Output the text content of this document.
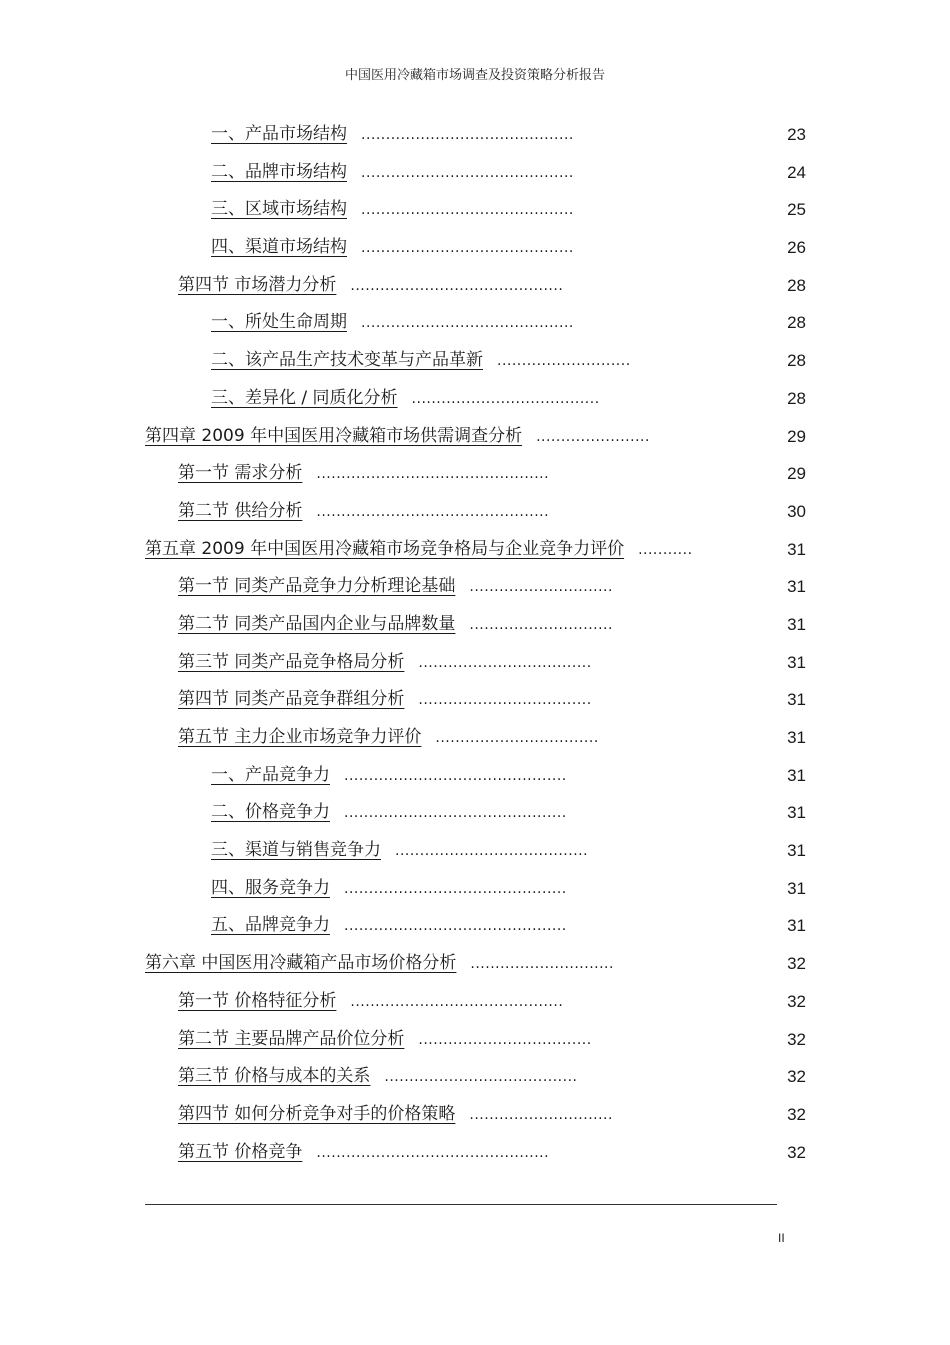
中国医用冷藏箱市场调查及投资策略分析报告
一、产品市场结构 ...........................................	23
二、品牌市场结构 ...........................................	24
三、区域市场结构 ...........................................	25
四、渠道市场结构 ...........................................	26
第四节 市场潜力分析 ...........................................	28
一、所处生命周期 ...........................................	28
二、该产品生产技术变革与产品革新 ...........................	28
三、差异化 / 同质化分析 ......................................	28
第四章 2009 年中国医用冷藏箱市场供需调查分析 .......................	29
第一节 需求分析 ...............................................	29
第二节 供给分析 ...............................................	30
第五章 2009 年中国医用冷藏箱市场竞争格局与企业竞争力评价 ...........	31
第一节 同类产品竞争力分析理论基础 .............................	31
第二节 同类产品国内企业与品牌数量 .............................	31
第三节 同类产品竞争格局分析 ...................................	31
第四节 同类产品竞争群组分析 ...................................	31
第五节 主力企业市场竞争力评价 .................................	31
一、产品竞争力 .............................................	31
二、价格竞争力 .............................................	31
三、渠道与销售竞争力 .......................................	31
四、服务竞争力 .............................................	31
五、品牌竞争力 .............................................	31
第六章 中国医用冷藏箱产品市场价格分析 .............................	32
第一节 价格特征分析 ...........................................	32
第二节 主要品牌产品价位分析 ...................................	32
第三节 价格与成本的关系 .......................................	32
第四节 如何分析竞争对手的价格策略 .............................	32
第五节 价格竞争 ...............................................	32
II
